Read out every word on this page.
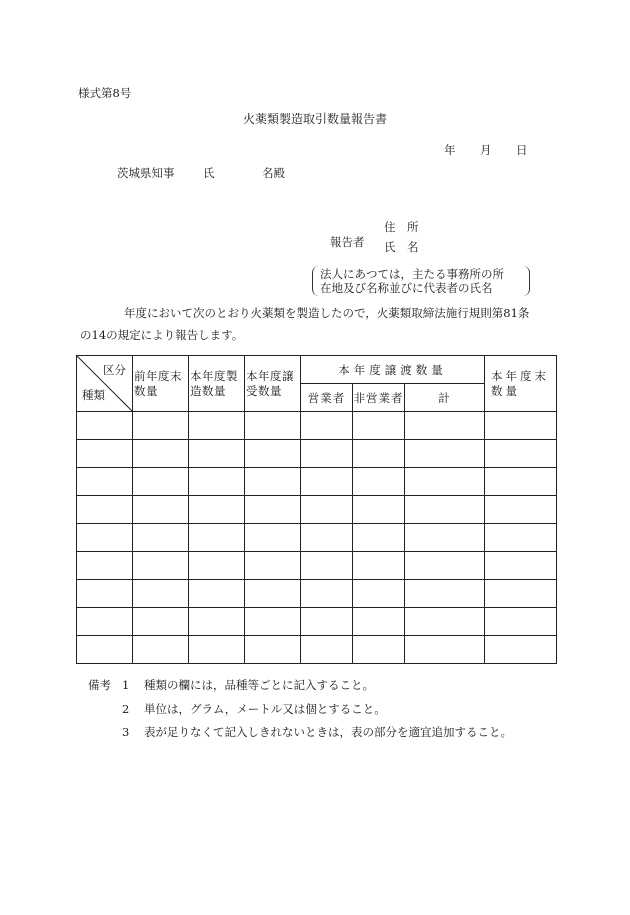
様式第8号
火薬類製造取引数量報告書
年 月 日
茨城県知事 氏	名殿
報告者
住 所
氏 名
法人にあつては，主たる事務所の所
在地及び名称並びに代表者の氏名
年度において次のとおり火薬類を製造したので，火薬類取締法施行規則第81条
の14の規定により報告します。
区分
種類	前年度末数量	本年度製造数量	本年度譲受数量	本年度譲渡数量			本年度末数量
				営業者	非営業者	計	

備考 1 種類の欄には，品種等ごとに記入すること。
2 単位は，グラム，メートル又は個とすること。
3 表が足りなくて記入しきれないときは，表の部分を適宜追加すること。
